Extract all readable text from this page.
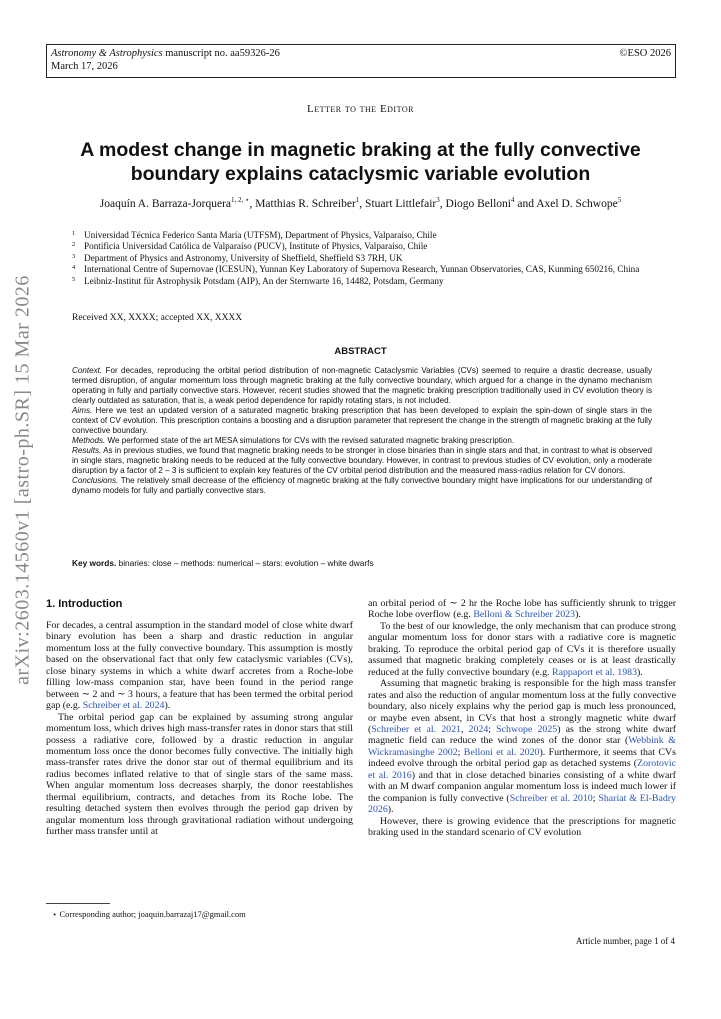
Astronomy & Astrophysics manuscript no. aa59326-26
March 17, 2026
©ESO 2026
arXiv:2603.14560v1 [astro-ph.SR] 15 Mar 2026
Letter to the Editor
A modest change in magnetic braking at the fully convective boundary explains cataclysmic variable evolution
Joaquín A. Barraza-Jorquera$^{1, 2, ⋆}$, Matthias R. Schreiber$^1$, Stuart Littlefair$^3$, Diogo Belloni$^4$ and Axel D. Schwope$^5$
1 Universidad Técnica Federico Santa María (UTFSM), Department of Physics, Valparaíso, Chile
2 Pontificia Universidad Católica de Valparaíso (PUCV), Institute of Physics, Valparaíso, Chile
3 Department of Physics and Astronomy, University of Sheffield, Sheffield S3 7RH, UK
4 International Centre of Supernovae (ICESUN), Yunnan Key Laboratory of Supernova Research, Yunnan Observatories, CAS, Kunming 650216, China
5 Leibniz-Institut für Astrophysik Potsdam (AIP), An der Sternwarte 16, 14482, Potsdam, Germany
Received XX, XXXX; accepted XX, XXXX
ABSTRACT

Context. For decades, reproducing the orbital period distribution of non-magnetic Cataclysmic Variables (CVs) seemed to require a drastic decrease, usually termed disruption, of angular momentum loss through magnetic braking at the fully convective boundary, which argued for a change in the dynamo mechanism operating in fully and partially convective stars. However, recent studies showed that the magnetic braking prescription traditionally used in CV evolution theory is clearly outdated as saturation, that is, a weak period dependence for rapidly rotating stars, is not included.

Aims. Here we test an updated version of a saturated magnetic braking prescription that has been developed to explain the spin-down of single stars in the context of CV evolution. This prescription contains a boosting and a disruption parameter that represent the change in the strength of magnetic braking at the fully convective boundary.

Methods. We performed state of the art MESA simulations for CVs with the revised saturated magnetic braking prescription.

Results. As in previous studies, we found that magnetic braking needs to be stronger in close binaries than in single stars and that, in contrast to what is observed in single stars, magnetic braking needs to be reduced at the fully convective boundary. However, in contrast to previous studies of CV evolution, only a moderate disruption by a factor of 2 – 3 is sufficient to explain key features of the CV orbital period distribution and the measured mass-radius relation for CV donors.

Conclusions. The relatively small decrease of the efficiency of magnetic braking at the fully convective boundary might have implications for our understanding of dynamo models for fully and partially convective stars.

Key words. binaries: close – methods: numerical – stars: evolution – white dwarfs
1. Introduction

For decades, a central assumption in the standard model of close white dwarf binary evolution has been a sharp and drastic reduction in angular momentum loss at the fully convective boundary. This assumption is mostly based on the observational fact that only few cataclysmic variables (CVs), close binary systems in which a white dwarf accretes from a Roche-lobe filling low-mass companion star, have been found in the period range between ∼ 2 and ∼ 3 hours, a feature that has been termed the orbital period gap (e.g. Schreiber et al. 2024).

The orbital period gap can be explained by assuming strong angular momentum loss, which drives high mass-transfer rates in donor stars that still possess a radiative core, followed by a drastic reduction in angular momentum loss once the donor becomes fully convective. The initially high mass-transfer rates drive the donor star out of thermal equilibrium and its radius becomes inflated relative to that of single stars of the same mass. When angular momentum loss decreases sharply, the donor reestablishes thermal equilibrium, contracts, and detaches from its Roche lobe. The resulting detached system then evolves through the period gap driven by angular momentum loss through gravitational radiation without undergoing further mass transfer until at

an orbital period of ∼ 2 hr the Roche lobe has sufficiently shrunk to trigger Roche lobe overflow (e.g. Belloni & Schreiber 2023).

To the best of our knowledge, the only mechanism that can produce strong angular momentum loss for donor stars with a radiative core is magnetic braking. To reproduce the orbital period gap of CVs it is therefore usually assumed that magnetic braking completely ceases or is at least drastically reduced at the fully convective boundary (e.g. Rappaport et al. 1983).

Assuming that magnetic braking is responsible for the high mass transfer rates and also the reduction of angular momentum loss at the fully convective boundary, also nicely explains why the period gap is much less pronounced, or maybe even absent, in CVs that host a strongly magnetic white dwarf (Schreiber et al. 2021, 2024; Schwope 2025) as the strong white dwarf magnetic field can reduce the wind zones of the donor star (Webbink & Wickramasinghe 2002; Belloni et al. 2020). Furthermore, it seems that CVs indeed evolve through the orbital period gap as detached systems (Zorotovic et al. 2016) and that in close detached binaries consisting of a white dwarf with an M dwarf companion angular momentum loss is indeed much lower if the companion is fully convective (Schreiber et al. 2010; Shariat & El-Badry 2026).

However, there is growing evidence that the prescriptions for magnetic braking used in the standard scenario of CV evolution

⋆ Corresponding author; joaquin.barrazaj17@gmail.com
Article number, page 1 of 4
